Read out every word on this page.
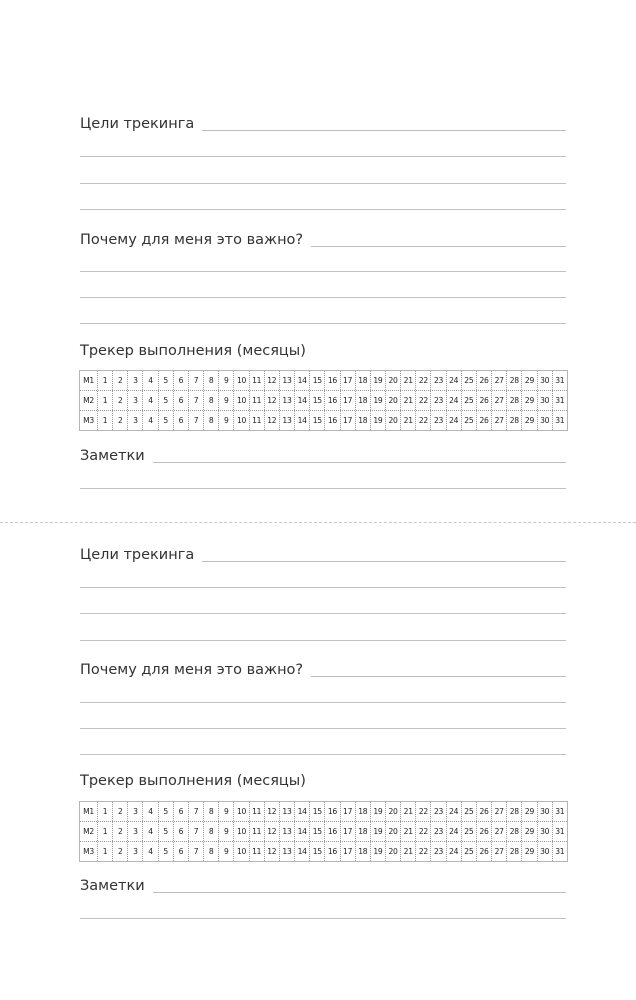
Цели трекинга
Почему для меня это важно?
Трекер выполнения (месяцы)
M1	1	2	3	4	5	6	7	8	9	10 11 12 13 14 15 16 17 18 19 20 21 22 23 24 25 26 27 28 29 30 31
M2	1	2	3	4	5	6	7	8	9	10 11 12 13 14 15 16 17 18 19 20 21 22 23 24 25 26 27 28 29 30 31
M3	1	2	3	4	5	6	7	8	9	10 11 12 13 14 15 16 17 18 19 20 21 22 23 24 25 26 27 28 29 30 31
Заметки
Цели трекинга
Почему для меня это важно?
Трекер выполнения (месяцы)
M1	1	2	3	4	5	6	7	8	9	10 11 12 13 14 15 16 17 18 19 20 21 22 23 24 25 26 27 28 29 30 31
M2	1	2	3	4	5	6	7	8	9	10 11 12 13 14 15 16 17 18 19 20 21 22 23 24 25 26 27 28 29 30 31
M3	1	2	3	4	5	6	7	8	9	10 11 12 13 14 15 16 17 18 19 20 21 22 23 24 25 26 27 28 29 30 31
Заметки
